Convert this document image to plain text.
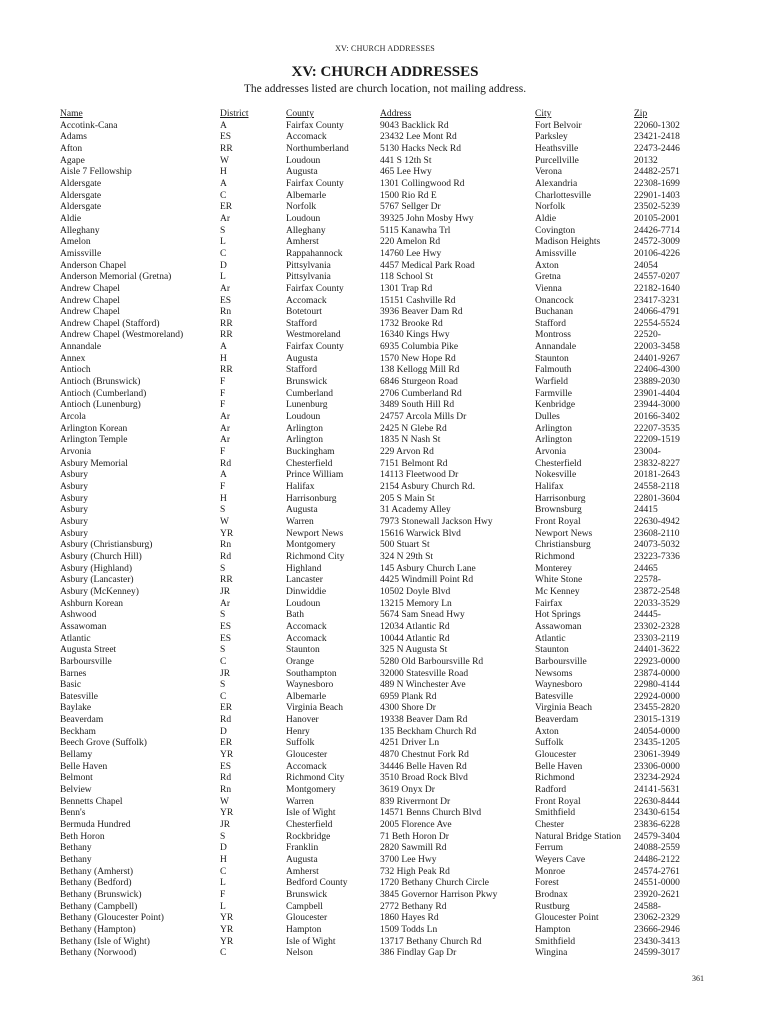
XV: CHURCH ADDRESSES
XV: CHURCH ADDRESSES
The addresses listed are church location, not mailing address.
Name	District	County	Address	City	Zip
Accotink-Cana	A	Fairfax County	9043 Backlick Rd	Fort Belvoir	22060-1302
Adams	ES	Accomack	23432 Lee Mont Rd	Parksley	23421-2418
Afton	RR	Northumberland	5130 Hacks Neck Rd	Heathsville	22473-2446
Agape	W	Loudoun	441 S 12th St	Purcellville	20132
Aisle 7 Fellowship	H	Augusta	465 Lee Hwy	Verona	24482-2571
Aldersgate	A	Fairfax County	1301 Collingwood Rd	Alexandria	22308-1699
Aldersgate	C	Albemarle	1500 Rio Rd E	Charlottesville	22901-1403
Aldersgate	ER	Norfolk	5767 Sellger Dr	Norfolk	23502-5239
Aldie	Ar	Loudoun	39325 John Mosby Hwy	Aldie	20105-2001
Alleghany	S	Alleghany	5115 Kanawha Trl	Covington	24426-7714
Amelon	L	Amherst	220 Amelon Rd	Madison Heights	24572-3009
Amissville	C	Rappahannock	14760 Lee Hwy	Amissville	20106-4226
Anderson Chapel	D	Pittsylvania	4457 Medical Park Road	Axton	24054
Anderson Memorial (Gretna)	L	Pittsylvania	118 School St	Gretna	24557-0207
Andrew Chapel	Ar	Fairfax County	1301 Trap Rd	Vienna	22182-1640
Andrew Chapel	ES	Accomack	15151 Cashville Rd	Onancock	23417-3231
Andrew Chapel	Rn	Botetourt	3936 Beaver Dam Rd	Buchanan	24066-4791
Andrew Chapel (Stafford)	RR	Stafford	1732 Brooke Rd	Stafford	22554-5524
Andrew Chapel (Westmoreland)	RR	Westmoreland	16340 Kings Hwy	Montross	22520-
Annandale	A	Fairfax County	6935 Columbia Pike	Annandale	22003-3458
Annex	H	Augusta	1570 New Hope Rd	Staunton	24401-9267
Antioch	RR	Stafford	138 Kellogg Mill Rd	Falmouth	22406-4300
Antioch (Brunswick)	F	Brunswick	6846 Sturgeon Road	Warfield	23889-2030
Antioch (Cumberland)	F	Cumberland	2706 Cumberland Rd	Farmville	23901-4404
Antioch (Lunenburg)	F	Lunenburg	3489 South Hill Rd	Kenbridge	23944-3000
Arcola	Ar	Loudoun	24757 Arcola Mills Dr	Dulles	20166-3402
Arlington Korean	Ar	Arlington	2425 N Glebe Rd	Arlington	22207-3535
Arlington Temple	Ar	Arlington	1835 N Nash St	Arlington	22209-1519
Arvonia	F	Buckingham	229 Arvon Rd	Arvonia	23004-
Asbury Memorial	Rd	Chesterfield	7151 Belmont Rd	Chesterfield	23832-8227
Asbury	A	Prince William	14113 Fleetwood Dr	Nokesville	20181-2643
Asbury	F	Halifax	2154 Asbury Church Rd.	Halifax	24558-2118
Asbury	H	Harrisonburg	205 S Main St	Harrisonburg	22801-3604
Asbury	S	Augusta	31 Academy Alley	Brownsburg	24415
Asbury	W	Warren	7973 Stonewall Jackson Hwy	Front Royal	22630-4942
Asbury	YR	Newport News	15616 Warwick Blvd	Newport News	23608-2110
Asbury (Christiansburg)	Rn	Montgomery	500 Stuart St	Christiansburg	24073-5032
Asbury (Church Hill)	Rd	Richmond City	324 N 29th St	Richmond	23223-7336
Asbury (Highland)	S	Highland	145 Asbury Church Lane	Monterey	24465
Asbury (Lancaster)	RR	Lancaster	4425 Windmill Point Rd	White Stone	22578-
Asbury (McKenney)	JR	Dinwiddie	10502 Doyle Blvd	Mc Kenney	23872-2548
Ashburn Korean	Ar	Loudoun	13215 Memory Ln	Fairfax	22033-3529
Ashwood	S	Bath	5674 Sam Snead Hwy	Hot Springs	24445-
Assawoman	ES	Accomack	12034 Atlantic Rd	Assawoman	23302-2328
Atlantic	ES	Accomack	10044 Atlantic Rd	Atlantic	23303-2119
Augusta Street	S	Staunton	325 N Augusta St	Staunton	24401-3622
Barboursville	C	Orange	5280 Old Barboursville Rd	Barboursville	22923-0000
Barnes	JR	Southampton	32000 Statesville Road	Newsoms	23874-0000
Basic	S	Waynesboro	489 N Winchester Ave	Waynesboro	22980-4144
Batesville	C	Albemarle	6959 Plank Rd	Batesville	22924-0000
Baylake	ER	Virginia Beach	4300 Shore Dr	Virginia Beach	23455-2820
Beaverdam	Rd	Hanover	19338 Beaver Dam Rd	Beaverdam	23015-1319
Beckham	D	Henry	135 Beckham Church Rd	Axton	24054-0000
Beech Grove (Suffolk)	ER	Suffolk	4251 Driver Ln	Suffolk	23435-1205
Bellamy	YR	Gloucester	4870 Chestnut Fork Rd	Gloucester	23061-3949
Belle Haven	ES	Accomack	34446 Belle Haven Rd	Belle Haven	23306-0000
Belmont	Rd	Richmond City	3510 Broad Rock Blvd	Richmond	23234-2924
Belview	Rn	Montgomery	3619 Onyx Dr	Radford	24141-5631
Bennetts Chapel	W	Warren	839 Riverrnont Dr	Front Royal	22630-8444
Benn's	YR	Isle of Wight	14571 Benns Church Blvd	Smithfield	23430-6154
Bermuda Hundred	JR	Chesterfield	2005 Florence Ave	Chester	23836-6228
Beth Horon	S	Rockbridge	71 Beth Horon Dr	Natural Bridge Station	24579-3404
Bethany	D	Franklin	2820 Sawmill Rd	Ferrum	24088-2559
Bethany	H	Augusta	3700 Lee Hwy	Weyers Cave	24486-2122
Bethany (Amherst)	C	Amherst	732 High Peak Rd	Monroe	24574-2761
Bethany (Bedford)	L	Bedford County	1720 Bethany Church Circle	Forest	24551-0000
Bethany (Brunswick)	F	Brunswick	3845 Governor Harrison Pkwy	Brodnax	23920-2621
Bethany (Campbell)	L	Campbell	2772 Bethany Rd	Rustburg	24588-
Bethany (Gloucester Point)	YR	Gloucester	1860 Hayes Rd	Gloucester Point	23062-2329
Bethany (Hampton)	YR	Hampton	1509 Todds Ln	Hampton	23666-2946
Bethany (Isle of Wight)	YR	Isle of Wight	13717 Bethany Church Rd	Smithfield	23430-3413
Bethany (Norwood)	C	Nelson	386 Findlay Gap Dr	Wingina	24599-3017
361
